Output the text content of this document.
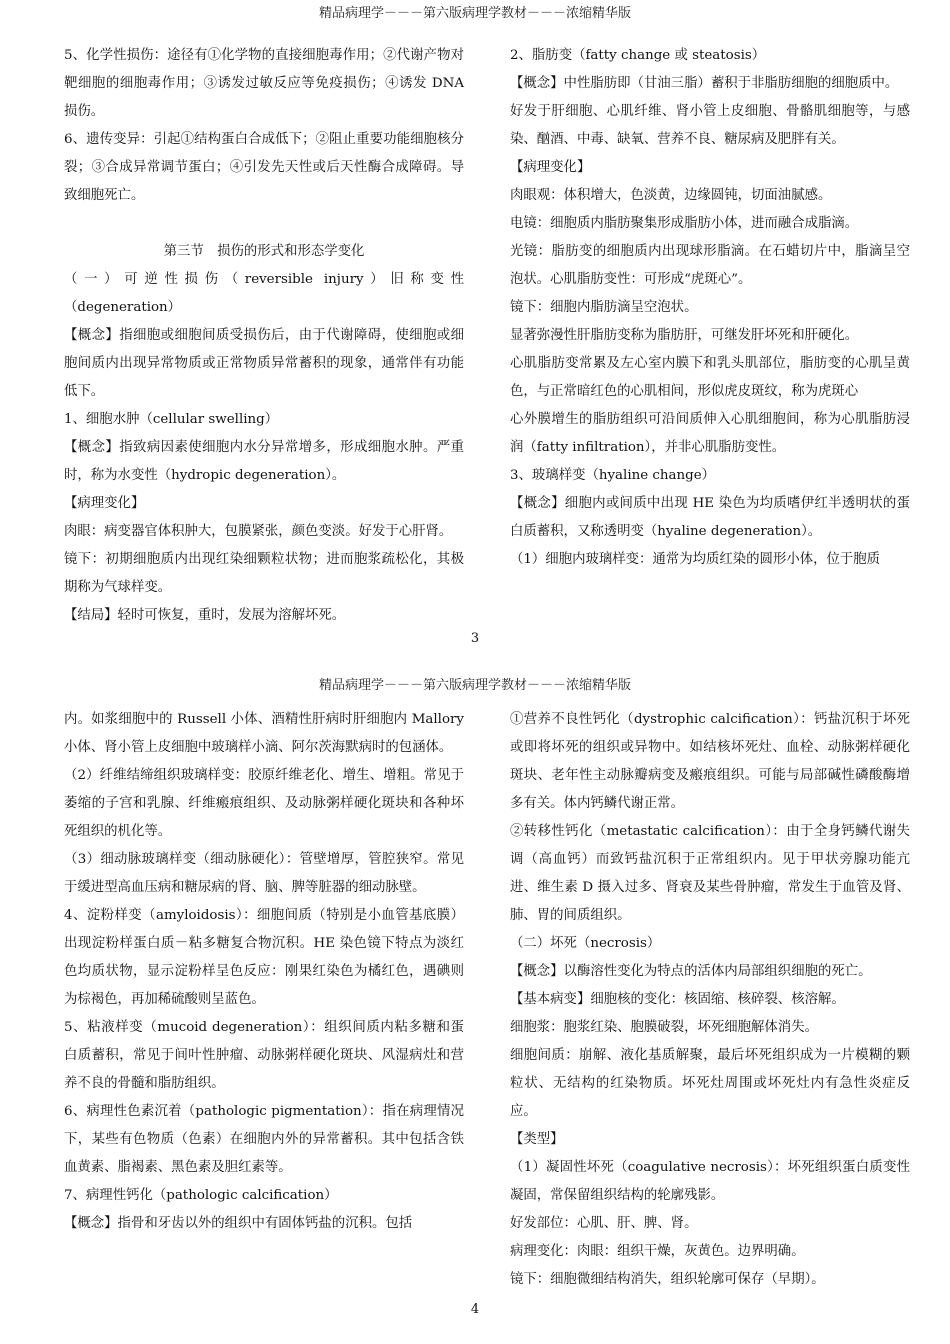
精品病理学－－－第六版病理学教材－－－浓缩精华版

5、化学性损伤：途径有①化学物的直接细胞毒作用；②代谢产物对靶细胞的细胞毒作用；③诱发过敏反应等免疫损伤；④诱发 DNA 损伤。

6、遗传变异：引起①结构蛋白合成低下；②阻止重要功能细胞核分裂；③合成异常调节蛋白；④引发先天性或后天性酶合成障碍。导致细胞死亡。

第三节　损伤的形式和形态学变化

（一）可逆性损伤（reversible injury）旧称变性（degeneration）

【概念】指细胞或细胞间质受损伤后，由于代谢障碍，使细胞或细胞间质内出现异常物质或正常物质异常蓄积的现象，通常伴有功能低下。

1、细胞水肿（cellular swelling）

【概念】指致病因素使细胞内水分异常增多，形成细胞水肿。严重时，称为水变性（hydropic degeneration）。

【病理变化】

肉眼：病变器官体积肿大，包膜紧张，颜色变淡。好发于心肝肾。

镜下：初期细胞质内出现红染细颗粒状物；进而胞浆疏松化，其极期称为气球样变。

【结局】轻时可恢复，重时，发展为溶解坏死。

2、脂肪变（fatty change 或 steatosis）

【概念】中性脂肪即（甘油三脂）蓄积于非脂肪细胞的细胞质中。

好发于肝细胞、心肌纤维、肾小管上皮细胞、骨骼肌细胞等，与感染、酗酒、中毒、缺氧、营养不良、糖尿病及肥胖有关。

【病理变化】

肉眼观：体积增大，色淡黄，边缘圆钝，切面油腻感。

电镜：细胞质内脂肪聚集形成脂肪小体，进而融合成脂滴。

光镜：脂肪变的细胞质内出现球形脂滴。在石蜡切片中，脂滴呈空泡状。心肌脂肪变性：可形成“虎斑心”。

镜下：细胞内脂肪滴呈空泡状。

显著弥漫性肝脂肪变称为脂肪肝，可继发肝坏死和肝硬化。

心肌脂肪变常累及左心室内膜下和乳头肌部位，脂肪变的心肌呈黄色，与正常暗红色的心肌相间，形似虎皮斑纹，称为虎斑心

心外膜增生的脂肪组织可沿间质伸入心肌细胞间，称为心肌脂肪浸润（fatty infiltration），并非心肌脂肪变性。

3、玻璃样变（hyaline change）

【概念】细胞内或间质中出现 HE 染色为均质嗜伊红半透明状的蛋白质蓄积，又称透明变（hyaline degeneration）。

（1）细胞内玻璃样变：通常为均质红染的圆形小体，位于胞质

3
精品病理学－－－第六版病理学教材－－－浓缩精华版

内。如浆细胞中的 Russell 小体、酒精性肝病时肝细胞内 Mallory 小体、肾小管上皮细胞中玻璃样小滴、阿尔茨海默病时的包涵体。

（2）纤维结缔组织玻璃样变：胶原纤维老化、增生、增粗。常见于萎缩的子宫和乳腺、纤维瘢痕组织、及动脉粥样硬化斑块和各种坏死组织的机化等。

（3）细动脉玻璃样变（细动脉硬化）：管壁增厚，管腔狭窄。常见于缓进型高血压病和糖尿病的肾、脑、脾等脏器的细动脉壁。

4、淀粉样变（amyloidosis）：细胞间质（特别是小血管基底膜）出现淀粉样蛋白质－粘多糖复合物沉积。HE 染色镜下特点为淡红色均质状物，显示淀粉样呈色反应：刚果红染色为橘红色，遇碘则为棕褐色，再加稀硫酸则呈蓝色。

5、粘液样变（mucoid degeneration）：组织间质内粘多糖和蛋白质蓄积，常见于间叶性肿瘤、动脉粥样硬化斑块、风湿病灶和营养不良的骨髓和脂肪组织。

6、病理性色素沉着（pathologic pigmentation）：指在病理情况下，某些有色物质（色素）在细胞内外的异常蓄积。其中包括含铁血黄素、脂褐素、黑色素及胆红素等。

7、病理性钙化（pathologic calcification）

【概念】指骨和牙齿以外的组织中有固体钙盐的沉积。包括

①营养不良性钙化（dystrophic calcification）：钙盐沉积于坏死或即将坏死的组织或异物中。如结核坏死灶、血栓、动脉粥样硬化斑块、老年性主动脉瓣病变及瘢痕组织。可能与局部碱性磷酸酶增多有关。体内钙鳞代谢正常。

②转移性钙化（metastatic calcification）：由于全身钙鳞代谢失调（高血钙）而致钙盐沉积于正常组织内。见于甲状旁腺功能亢进、维生素 D 摄入过多、肾衰及某些骨肿瘤，常发生于血管及肾、肺、胃的间质组织。

（二）坏死（necrosis）

【概念】以酶溶性变化为特点的活体内局部组织细胞的死亡。

【基本病变】细胞核的变化：核固缩、核碎裂、核溶解。

细胞浆：胞浆红染、胞膜破裂，坏死细胞解体消失。

细胞间质：崩解、液化基质解聚，最后坏死组织成为一片模糊的颗粒状、无结构的红染物质。坏死灶周围或坏死灶内有急性炎症反应。

【类型】

（1）凝固性坏死（coagulative necrosis）：坏死组织蛋白质变性凝固，常保留组织结构的轮廓残影。

好发部位：心肌、肝、脾、肾。

病理变化：肉眼：组织干燥，灰黄色。边界明确。

镜下：细胞微细结构消失，组织轮廓可保存（早期）。

4
